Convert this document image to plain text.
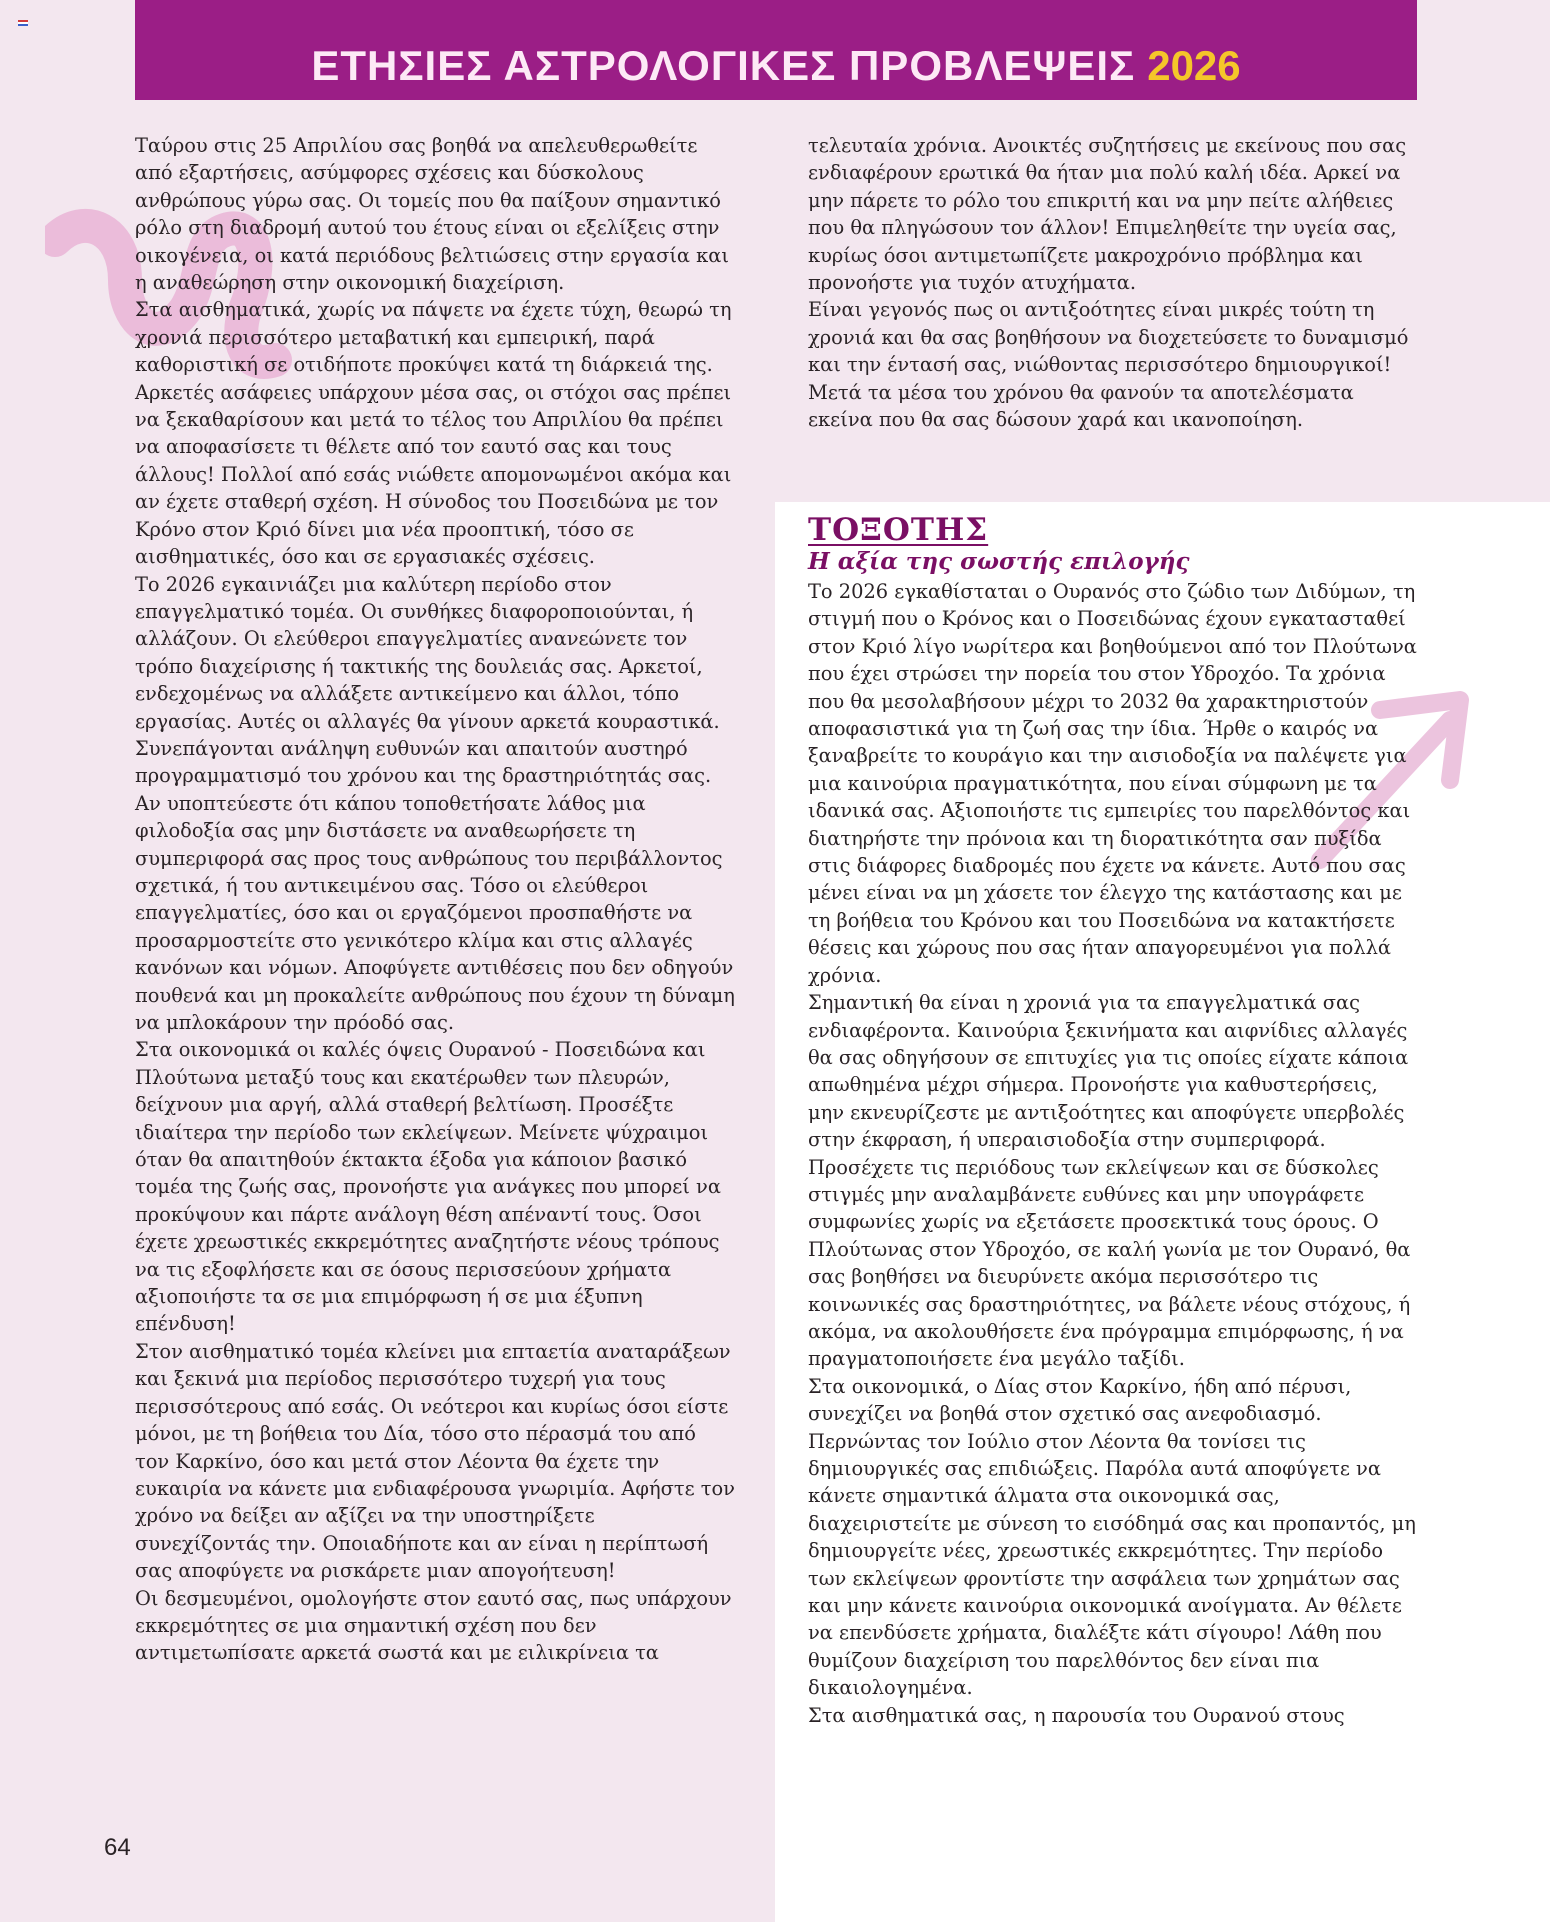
ΕΤΗΣΙΕΣ ΑΣΤΡΟΛΟΓΙΚΕΣ ΠΡΟΒΛΕΨΕΙΣ 2026

Ταύρου στις 25 Απριλίου σας βοηθά να απελευθερωθείτε από εξαρτήσεις, ασύμφορες σχέσεις και δύσκολους ανθρώπους γύρω σας. Οι τομείς που θα παίξουν σημαντικό ρόλο στη διαδρομή αυτού του έτους είναι οι εξελίξεις στην οικογένεια, οι κατά περιόδους βελτιώσεις στην εργασία και η αναθεώρηση στην οικονομική διαχείριση.

Στα αισθηματικά, χωρίς να πάψετε να έχετε τύχη, θεωρώ τη χρονιά περισσότερο μεταβατική και εμπειρική, παρά καθοριστική σε οτιδήποτε προκύψει κατά τη διάρκειά της. Αρκετές ασάφειες υπάρχουν μέσα σας, οι στόχοι σας πρέπει να ξεκαθαρίσουν και μετά το τέλος του Απριλίου θα πρέπει να αποφασίσετε τι θέλετε από τον εαυτό σας και τους άλλους! Πολλοί από εσάς νιώθετε απομονωμένοι ακόμα και αν έχετε σταθερή σχέση. Η σύνοδος του Ποσειδώνα με τον Κρόνο στον Κριό δίνει μια νέα προοπτική, τόσο σε αισθηματικές, όσο και σε εργασιακές σχέσεις.

Το 2026 εγκαινιάζει μια καλύτερη περίοδο στον επαγγελματικό τομέα. Οι συνθήκες διαφοροποιούνται, ή αλλάζουν. Οι ελεύθεροι επαγγελματίες ανανεώνετε τον τρόπο διαχείρισης ή τακτικής της δουλειάς σας. Αρκετοί, ενδεχομένως να αλλάξετε αντικείμενο και άλλοι, τόπο εργασίας. Αυτές οι αλλαγές θα γίνουν αρκετά κουραστικά. Συνεπάγονται ανάληψη ευθυνών και απαιτούν αυστηρό προγραμματισμό του χρόνου και της δραστηριότητάς σας. Αν υποπτεύεστε ότι κάπου τοποθετήσατε λάθος μια φιλοδοξία σας μην διστάσετε να αναθεωρήσετε τη συμπεριφορά σας προς τους ανθρώπους του περιβάλλοντος σχετικά, ή του αντικειμένου σας. Τόσο οι ελεύθεροι επαγγελματίες, όσο και οι εργαζόμενοι προσπαθήστε να προσαρμοστείτε στο γενικότερο κλίμα και στις αλλαγές κανόνων και νόμων. Αποφύγετε αντιθέσεις που δεν οδηγούν πουθενά και μη προκαλείτε ανθρώπους που έχουν τη δύναμη να μπλοκάρουν την πρόοδό σας.

Στα οικονομικά οι καλές όψεις Ουρανού - Ποσειδώνα και Πλούτωνα μεταξύ τους και εκατέρωθεν των πλευρών, δείχνουν μια αργή, αλλά σταθερή βελτίωση. Προσέξτε ιδιαίτερα την περίοδο των εκλείψεων. Μείνετε ψύχραιμοι όταν θα απαιτηθούν έκτακτα έξοδα για κάποιον βασικό τομέα της ζωής σας, προνοήστε για ανάγκες που μπορεί να προκύψουν και πάρτε ανάλογη θέση απέναντί τους. Όσοι έχετε χρεωστικές εκκρεμότητες αναζητήστε νέους τρόπους να τις εξοφλήσετε και σε όσους περισσεύουν χρήματα αξιοποιήστε τα σε μια επιμόρφωση ή σε μια έξυπνη επένδυση!

Στον αισθηματικό τομέα κλείνει μια επταετία αναταράξεων και ξεκινά μια περίοδος περισσότερο τυχερή για τους περισσότερους από εσάς. Οι νεότεροι και κυρίως όσοι είστε μόνοι, με τη βοήθεια του Δία, τόσο στο πέρασμά του από τον Καρκίνο, όσο και μετά στον Λέοντα θα έχετε την ευκαιρία να κάνετε μια ενδιαφέρουσα γνωριμία. Αφήστε τον χρόνο να δείξει αν αξίζει να την υποστηρίξετε συνεχίζοντάς την. Οποιαδήποτε και αν είναι η περίπτωσή σας αποφύγετε να ρισκάρετε μιαν απογοήτευση!

Οι δεσμευμένοι, ομολογήστε στον εαυτό σας, πως υπάρχουν εκκρεμότητες σε μια σημαντική σχέση που δεν αντιμετωπίσατε αρκετά σωστά και με ειλικρίνεια τα

τελευταία χρόνια. Ανοικτές συζητήσεις με εκείνους που σας ενδιαφέρουν ερωτικά θα ήταν μια πολύ καλή ιδέα. Αρκεί να μην πάρετε το ρόλο του επικριτή και να μην πείτε αλήθειες που θα πληγώσουν τον άλλον! Επιμεληθείτε την υγεία σας, κυρίως όσοι αντιμετωπίζετε μακροχρόνιο πρόβλημα και προνοήστε για τυχόν ατυχήματα.

Είναι γεγονός πως οι αντιξοότητες είναι μικρές τούτη τη χρονιά και θα σας βοηθήσουν να διοχετεύσετε το δυναμισμό και την έντασή σας, νιώθοντας περισσότερο δημιουργικοί! Μετά τα μέσα του χρόνου θα φανούν τα αποτελέσματα εκείνα που θα σας δώσουν χαρά και ικανοποίηση.

ΤΟΞΟΤΗΣ
Η αξία της σωστής επιλογής

Το 2026 εγκαθίσταται ο Ουρανός στο ζώδιο των Διδύμων, τη στιγμή που ο Κρόνος και ο Ποσειδώνας έχουν εγκατασταθεί στον Κριό λίγο νωρίτερα και βοηθούμενοι από τον Πλούτωνα που έχει στρώσει την πορεία του στον Υδροχόο. Τα χρόνια που θα μεσολαβήσουν μέχρι το 2032 θα χαρακτηριστούν αποφασιστικά για τη ζωή σας την ίδια. Ήρθε ο καιρός να ξαναβρείτε το κουράγιο και την αισιοδοξία να παλέψετε για μια καινούρια πραγματικότητα, που είναι σύμφωνη με τα ιδανικά σας. Αξιοποιήστε τις εμπειρίες του παρελθόντος και διατηρήστε την πρόνοια και τη διορατικότητα σαν πυξίδα στις διάφορες διαδρομές που έχετε να κάνετε. Αυτό που σας μένει είναι να μη χάσετε τον έλεγχο της κατάστασης και με τη βοήθεια του Κρόνου και του Ποσειδώνα να κατακτήσετε θέσεις και χώρους που σας ήταν απαγορευμένοι για πολλά χρόνια.

Σημαντική θα είναι η χρονιά για τα επαγγελματικά σας ενδιαφέροντα. Καινούρια ξεκινήματα και αιφνίδιες αλλαγές θα σας οδηγήσουν σε επιτυχίες για τις οποίες είχατε κάποια απωθημένα μέχρι σήμερα. Προνοήστε για καθυστερήσεις, μην εκνευρίζεστε με αντιξοότητες και αποφύγετε υπερβολές στην έκφραση, ή υπεραισιοδοξία στην συμπεριφορά. Προσέχετε τις περιόδους των εκλείψεων και σε δύσκολες στιγμές μην αναλαμβάνετε ευθύνες και μην υπογράφετε συμφωνίες χωρίς να εξετάσετε προσεκτικά τους όρους. Ο Πλούτωνας στον Υδροχόο, σε καλή γωνία με τον Ουρανό, θα σας βοηθήσει να διευρύνετε ακόμα περισσότερο τις κοινωνικές σας δραστηριότητες, να βάλετε νέους στόχους, ή ακόμα, να ακολουθήσετε ένα πρόγραμμα επιμόρφωσης, ή να πραγματοποιήσετε ένα μεγάλο ταξίδι.

Στα οικονομικά, ο Δίας στον Καρκίνο, ήδη από πέρυσι, συνεχίζει να βοηθά στον σχετικό σας ανεφοδιασμό. Περνώντας τον Ιούλιο στον Λέοντα θα τονίσει τις δημιουργικές σας επιδιώξεις. Παρόλα αυτά αποφύγετε να κάνετε σημαντικά άλματα στα οικονομικά σας, διαχειριστείτε με σύνεση το εισόδημά σας και προπαντός, μη δημιουργείτε νέες, χρεωστικές εκκρεμότητες. Την περίοδο των εκλείψεων φροντίστε την ασφάλεια των χρημάτων σας και μην κάνετε καινούρια οικονομικά ανοίγματα. Αν θέλετε να επενδύσετε χρήματα, διαλέξτε κάτι σίγουρο! Λάθη που θυμίζουν διαχείριση του παρελθόντος δεν είναι πια δικαιολογημένα.

Στα αισθηματικά σας, η παρουσία του Ουρανού στους

64
